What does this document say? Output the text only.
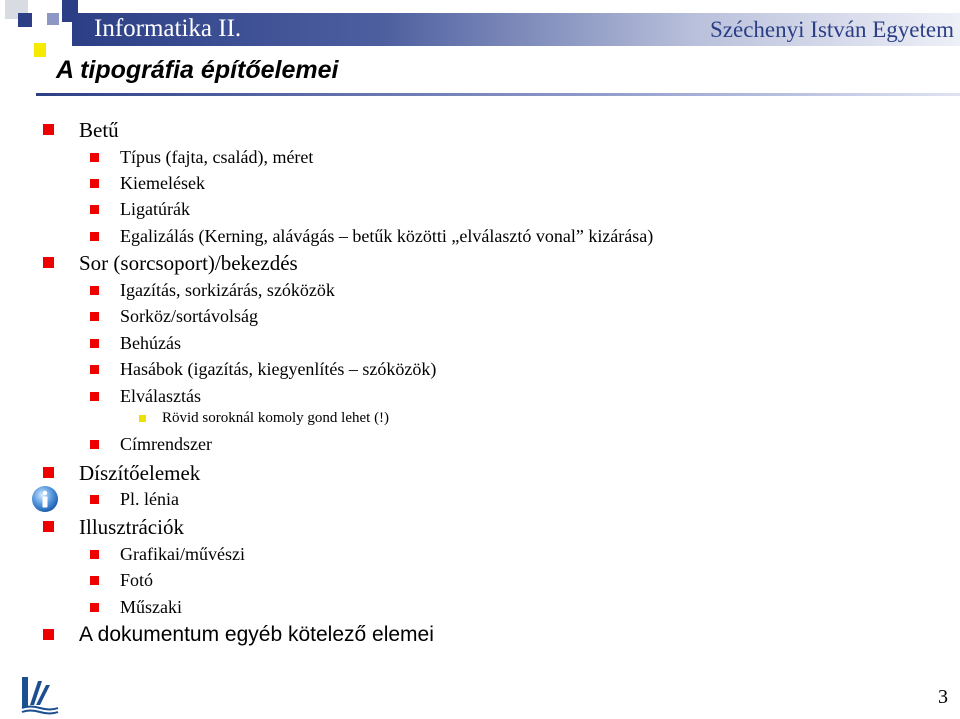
Informatika II.	Széchenyi István Egyetem
A tipográfia építőelemei
Betű
Típus (fajta, család), méret
Kiemelések
Ligatúrák
Egalizálás (Kerning, alávágás – betűk közötti „elválasztó vonal” kizárása)
Sor (sorcsoport)/bekezdés
Igazítás, sorkizárás, szóközök
Sorköz/sortávolság
Behúzás
Hasábok (igazítás, kiegyenlítés – szóközök)
Elválasztás
Rövid soroknál komoly gond lehet (!)
Címrendszer
Díszítőelemek
Pl. lénia
Illusztrációk
Grafikai/művészi
Fotó
Műszaki
A dokumentum egyéb kötelező elemei
3
